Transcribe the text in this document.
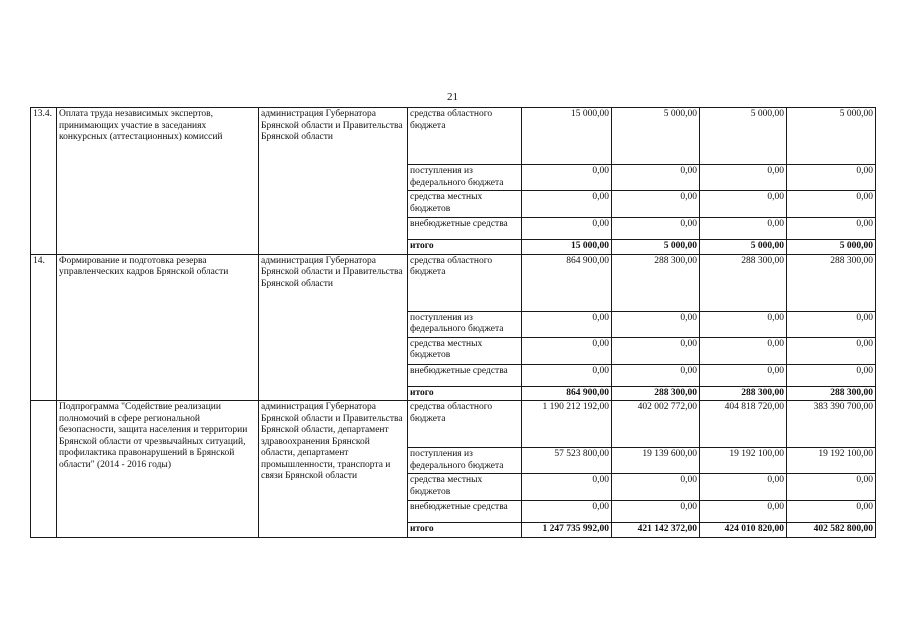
21
13.4.	Оплата труда независимых экспертов, принимающих участие в заседаниях конкурсных (аттестационных) комиссий	администрация Губернатора Брянской области и Правительства Брянской области	средства областного бюджета	15 000,00	5 000,00	5 000,00	5 000,00
			поступления из федерального бюджета	0,00	0,00	0,00	0,00
			средства местных бюджетов	0,00	0,00	0,00	0,00
			внебюджетные средства	0,00	0,00	0,00	0,00
			итого	15 000,00	5 000,00	5 000,00	5 000,00
14.	Формирование и подготовка резерва управленческих кадров Брянской области	администрация Губернатора Брянской области и Правительства Брянской области	средства областного бюджета	864 900,00	288 300,00	288 300,00	288 300,00
			поступления из федерального бюджета	0,00	0,00	0,00	0,00
			средства местных бюджетов	0,00	0,00	0,00	0,00
			внебюджетные средства	0,00	0,00	0,00	0,00
			итого	864 900,00	288 300,00	288 300,00	288 300,00
	Подпрограмма "Содействие реализации полномочий в сфере региональной безопасности, защита населения и территории Брянской области от чрезвычайных ситуаций, профилактика правонарушений в Брянской области" (2014 - 2016 годы)	администрация Губернатора Брянской области и Правительства Брянской области, департамент здравоохранения Брянской области, департамент промышленности, транспорта и связи Брянской области	средства областного бюджета	1 190 212 192,00	402 002 772,00	404 818 720,00	383 390 700,00
			поступления из федерального бюджета	57 523 800,00	19 139 600,00	19 192 100,00	19 192 100,00
			средства местных бюджетов	0,00	0,00	0,00	0,00
			внебюджетные средства	0,00	0,00	0,00	0,00
			итого	1 247 735 992,00	421 142 372,00	424 010 820,00	402 582 800,00
